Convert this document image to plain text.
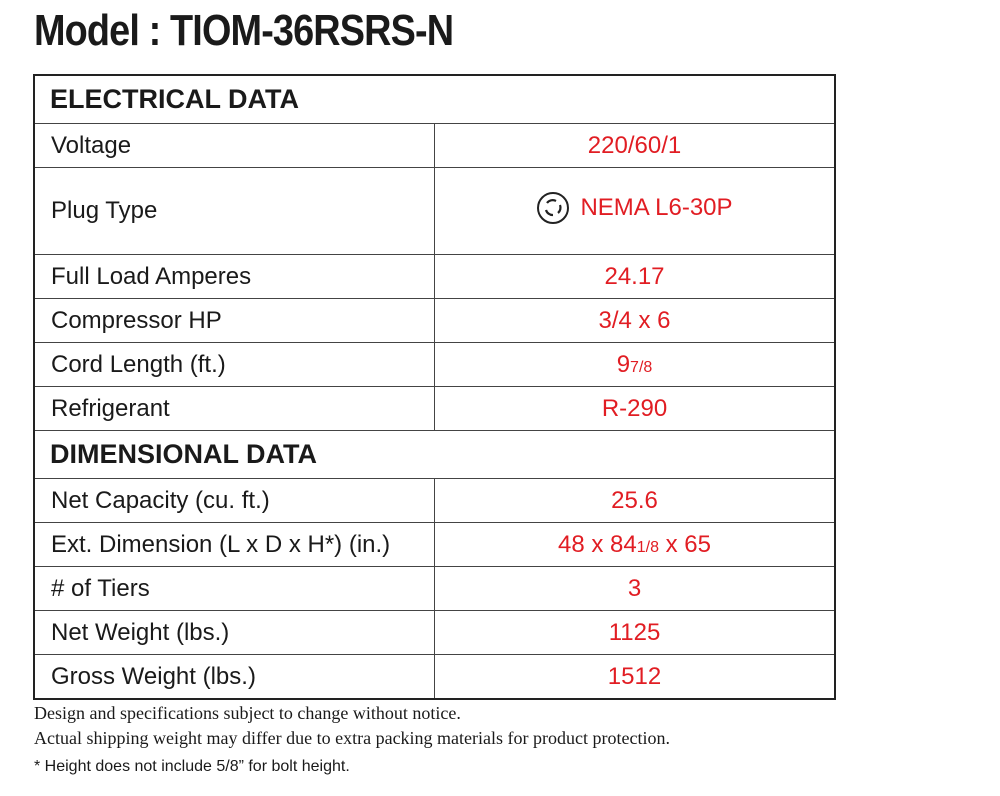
Model : TIOM-36RSRS-N
ELECTRICAL DATA	
Voltage	220/60/1
Plug Type	NEMA L6-30P

Full Load Amperes	24.17
Compressor HP	3/4 x 6
Cord Length (ft.)	97/8
Refrigerant	R-290
DIMENSIONAL DATA	
Net Capacity (cu. ft.)	25.6
Ext. Dimension (L x D x H*) (in.)	48 x 841/8 x 65
# of Tiers	3
Net Weight (lbs.)	1125
Gross Weight (lbs.)	1512
Design and specifications subject to change without notice.
Actual shipping weight may differ due to extra packing materials for product protection.
* Height does not include 5/8” for bolt height.
